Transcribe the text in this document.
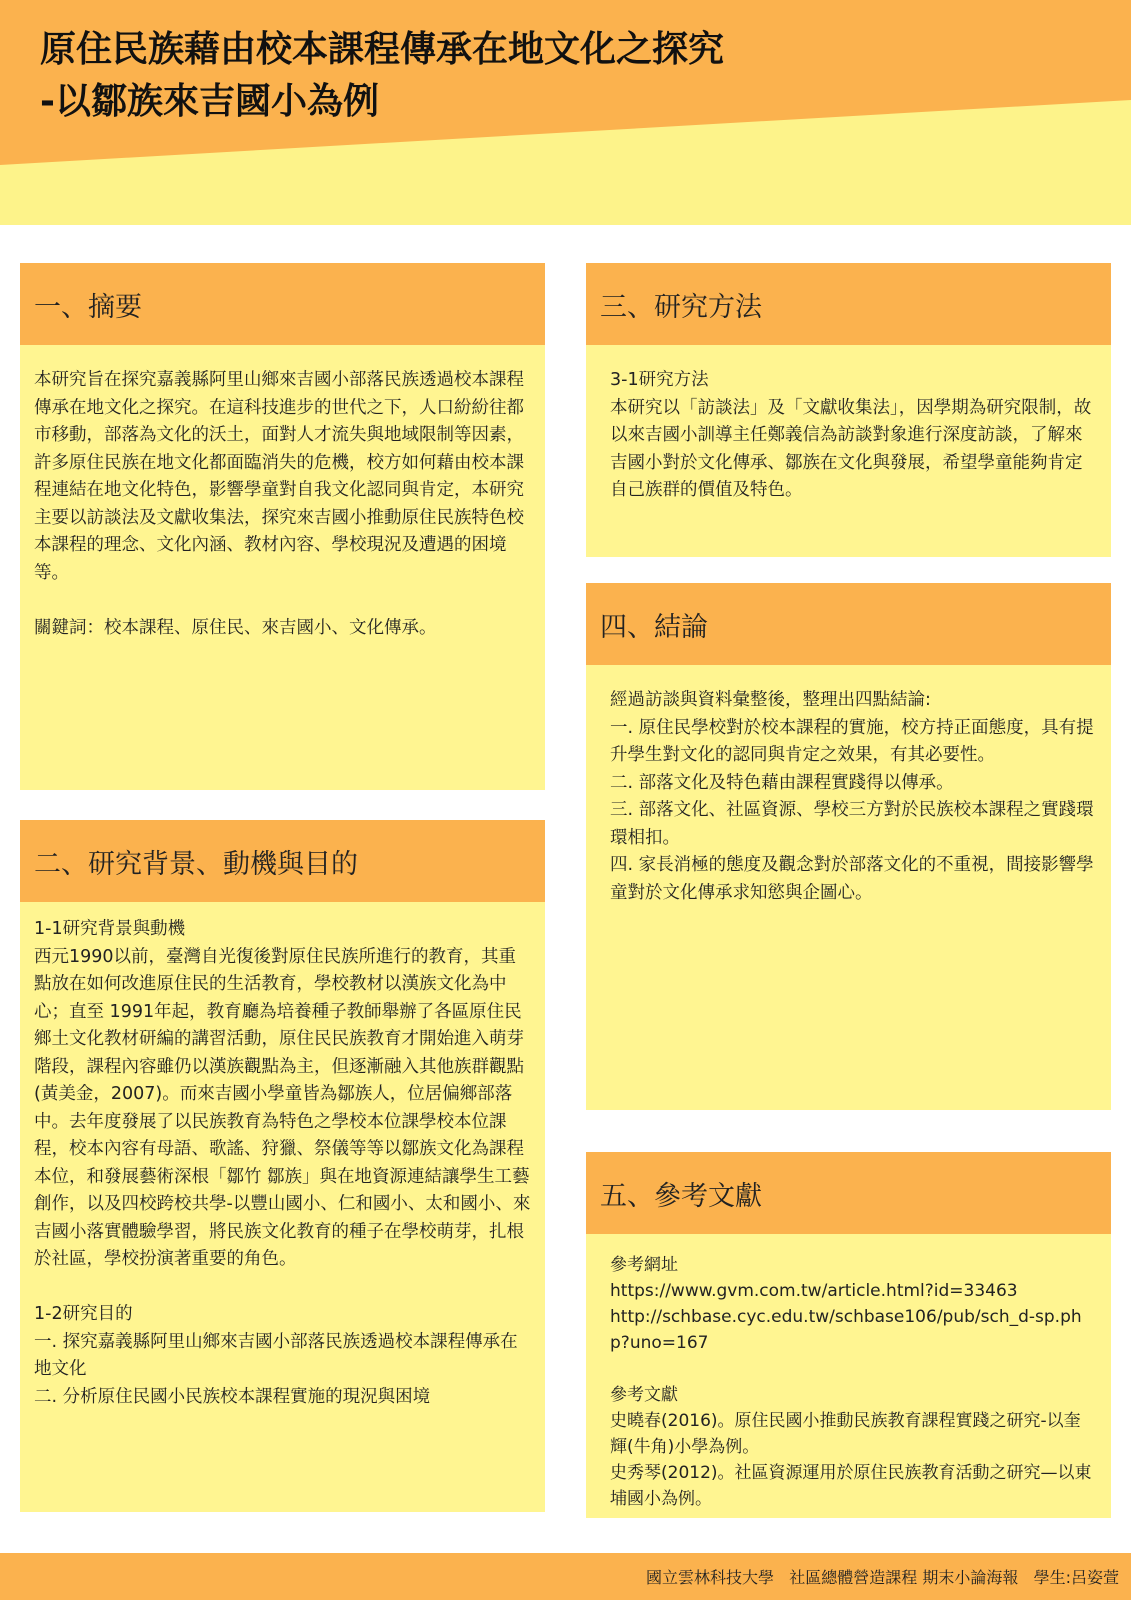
原住民族藉由校本課程傳承在地文化之探究
-以鄒族來吉國小為例
一、摘要
本研究旨在探究嘉義縣阿里山鄉來吉國小部落民族透過校本課程傳承在地文化之探究。在這科技進步的世代之下，人口紛紛往都市移動，部落為文化的沃土，面對人才流失與地域限制等因素，許多原住民族在地文化都面臨消失的危機，校方如何藉由校本課程連結在地文化特色，影響學童對自我文化認同與肯定，本研究主要以訪談法及文獻收集法，探究來吉國小推動原住民族特色校本課程的理念、文化內涵、教材內容、學校現況及遭遇的困境等。

關鍵詞：校本課程、原住民、來吉國小、文化傳承。
二、研究背景、動機與目的
1-1研究背景與動機
西元1990以前，臺灣自光復後對原住民族所進行的教育，其重點放在如何改進原住民的生活教育，學校教材以漢族文化為中心；直至 1991年起，教育廳為培養種子教師舉辦了各區原住民鄉土文化教材研編的講習活動，原住民民族教育才開始進入萌芽階段，課程內容雖仍以漢族觀點為主，但逐漸融入其他族群觀點(黃美金，2007)。而來吉國小學童皆為鄒族人，位居偏鄉部落中。去年度發展了以民族教育為特色之學校本位課學校本位課程，校本內容有母語、歌謠、狩獵、祭儀等等以鄒族文化為課程本位，和發展藝術深根「鄒竹 鄒族」與在地資源連結讓學生工藝創作，以及四校跨校共學-以豐山國小、仁和國小、太和國小、來吉國小落實體驗學習，將民族文化教育的種子在學校萌芽，扎根於社區，學校扮演著重要的角色。

1-2研究目的
一. 探究嘉義縣阿里山鄉來吉國小部落民族透過校本課程傳承在地文化
二. 分析原住民國小民族校本課程實施的現況與困境
三、研究方法
3-1研究方法
本研究以「訪談法」及「文獻收集法」，因學期為研究限制，故以來吉國小訓導主任鄭義信為訪談對象進行深度訪談，了解來吉國小對於文化傳承、鄒族在文化與發展，希望學童能夠肯定自己族群的價值及特色。
四、結論
經過訪談與資料彙整後，整理出四點結論:
一. 原住民學校對於校本課程的實施，校方持正面態度，具有提升學生對文化的認同與肯定之效果，有其必要性。
二. 部落文化及特色藉由課程實踐得以傳承。
三. 部落文化、社區資源、學校三方對於民族校本課程之實踐環環相扣。
四. 家長消極的態度及觀念對於部落文化的不重視，間接影響學童對於文化傳承求知慾與企圖心。
五、參考文獻
參考網址
https://www.gvm.com.tw/article.html?id=33463
http://schbase.cyc.edu.tw/schbase106/pub/sch_d-sp.php?uno=167

參考文獻
史曉春(2016)。原住民國小推動民族教育課程實踐之研究-以奎輝(牛角)小學為例。
史秀琴(2012)。社區資源運用於原住民族教育活動之研究—以東埔國小為例。
國立雲林科技大學   社區總體營造課程 期末小論海報   學生:呂姿萱
